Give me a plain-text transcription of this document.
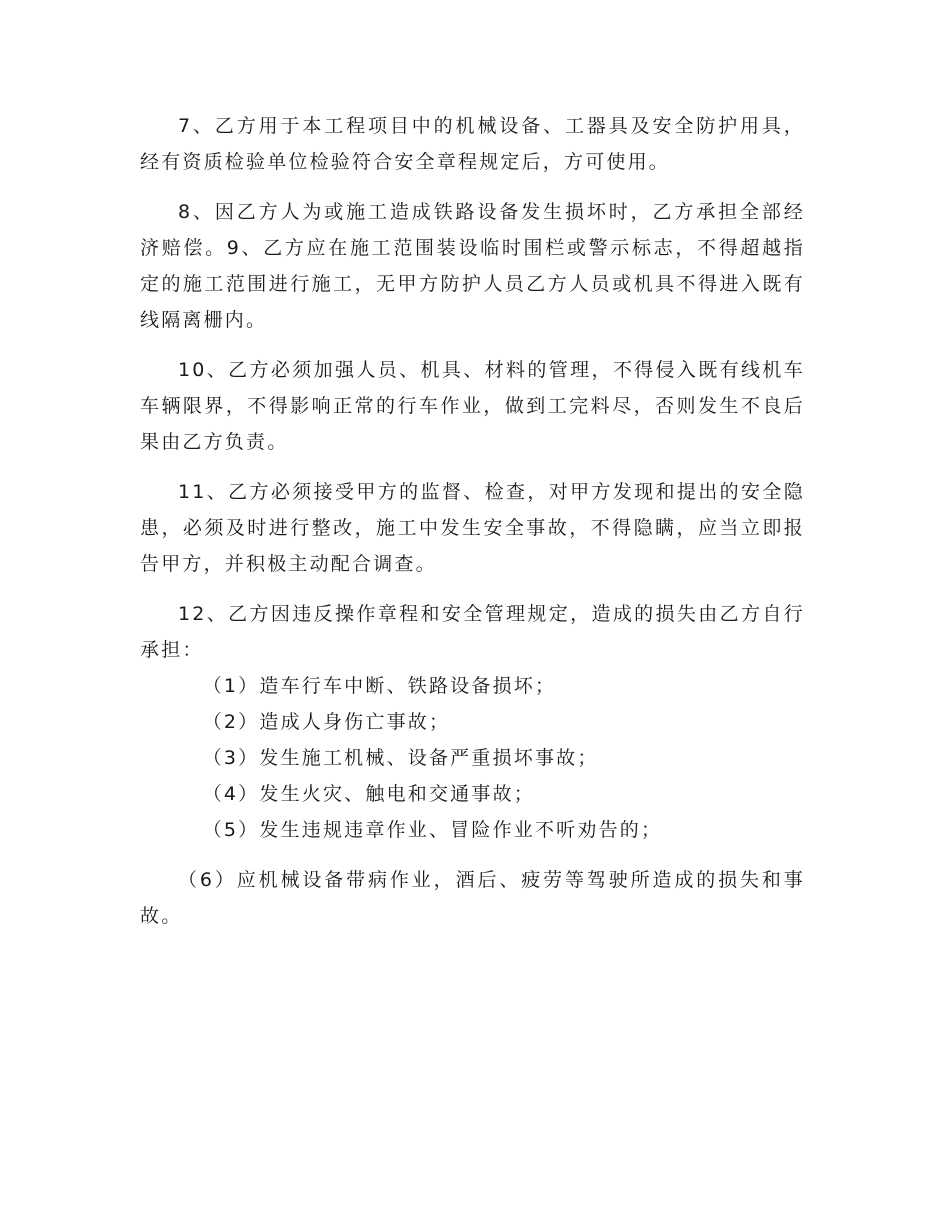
7、乙方用于本工程项目中的机械设备、工器具及安全防护用具，经有资质检验单位检验符合安全章程规定后，方可使用。

8、因乙方人为或施工造成铁路设备发生损坏时，乙方承担全部经济赔偿。9、乙方应在施工范围装设临时围栏或警示标志，不得超越指定的施工范围进行施工，无甲方防护人员乙方人员或机具不得进入既有线隔离栅内。

10、乙方必须加强人员、机具、材料的管理，不得侵入既有线机车车辆限界，不得影响正常的行车作业，做到工完料尽，否则发生不良后果由乙方负责。

11、乙方必须接受甲方的监督、检查，对甲方发现和提出的安全隐患，必须及时进行整改，施工中发生安全事故，不得隐瞒，应当立即报告甲方，并积极主动配合调查。

12、乙方因违反操作章程和安全管理规定，造成的损失由乙方自行承担：

（1）造车行车中断、铁路设备损坏；

（2）造成人身伤亡事故；

（3）发生施工机械、设备严重损坏事故；

（4）发生火灾、触电和交通事故；

（5）发生违规违章作业、冒险作业不听劝告的；

（6）应机械设备带病作业，酒后、疲劳等驾驶所造成的损失和事故。
